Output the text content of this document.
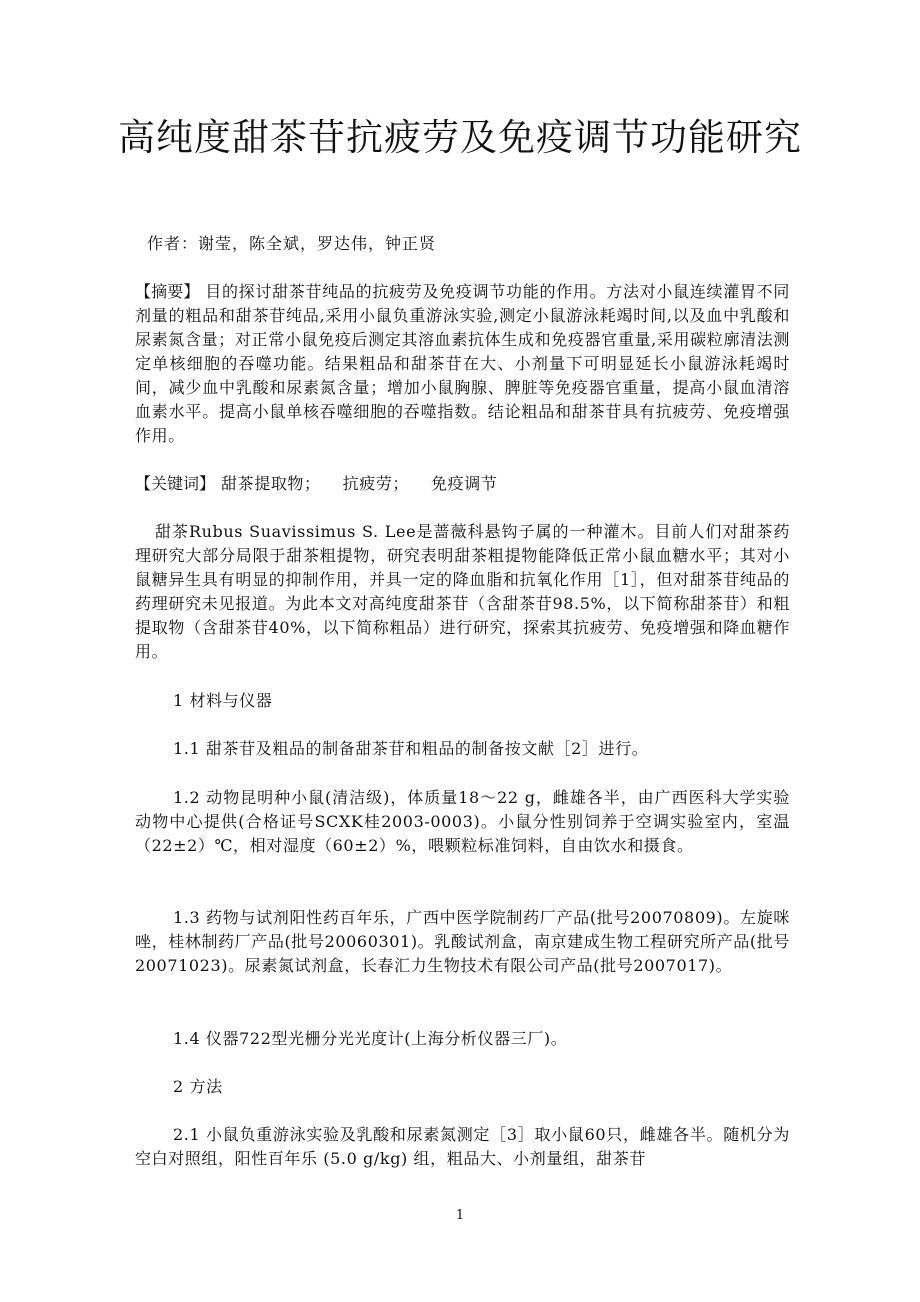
高纯度甜茶苷抗疲劳及免疫调节功能研究
作者：谢莹，陈全斌，罗达伟，钟正贤

【摘要】 目的探讨甜茶苷纯品的抗疲劳及免疫调节功能的作用。方法对小鼠连续灌胃不同剂量的粗品和甜茶苷纯品,采用小鼠负重游泳实验,测定小鼠游泳耗竭时间,以及血中乳酸和尿素氮含量；对正常小鼠免疫后测定其溶血素抗体生成和免疫器官重量,采用碳粒廓清法测定单核细胞的吞噬功能。结果粗品和甜茶苷在大、小剂量下可明显延长小鼠游泳耗竭时间，减少血中乳酸和尿素氮含量；增加小鼠胸腺、脾脏等免疫器官重量，提高小鼠血清溶血素水平。提高小鼠单核吞噬细胞的吞噬指数。结论粗品和甜茶苷具有抗疲劳、免疫增强作用。

【关键词】 甜茶提取物； 抗疲劳； 免疫调节

甜茶Rubus Suavissimus S. Lee是蔷薇科悬钩子属的一种灌木。目前人们对甜茶药理研究大部分局限于甜茶粗提物，研究表明甜茶粗提物能降低正常小鼠血糖水平；其对小鼠糖异生具有明显的抑制作用，并具一定的降血脂和抗氧化作用［1］，但对甜茶苷纯品的药理研究未见报道。为此本文对高纯度甜茶苷（含甜茶苷98.5%，以下简称甜茶苷）和粗提取物（含甜茶苷40%，以下简称粗品）进行研究，探索其抗疲劳、免疫增强和降血糖作用。

1 材料与仪器

1.1 甜茶苷及粗品的制备甜茶苷和粗品的制备按文献［2］进行。

1.2 动物昆明种小鼠(清洁级)，体质量18～22 g，雌雄各半，由广西医科大学实验动物中心提供(合格证号SCXK桂2003-0003)。小鼠分性别饲养于空调实验室内，室温（22±2）℃，相对湿度（60±2）%，喂颗粒标准饲料，自由饮水和摄食。

1.3 药物与试剂阳性药百年乐，广西中医学院制药厂产品(批号20070809)。左旋咪唑，桂林制药厂产品(批号20060301)。乳酸试剂盒，南京建成生物工程研究所产品(批号20071023)。尿素氮试剂盒，长春汇力生物技术有限公司产品(批号2007017)。

1.4 仪器722型光栅分光光度计(上海分析仪器三厂)。

2 方法

2.1 小鼠负重游泳实验及乳酸和尿素氮测定［3］取小鼠60只，雌雄各半。随机分为空白对照组，阳性百年乐 (5.0 g/kg) 组，粗品大、小剂量组，甜茶苷

1
